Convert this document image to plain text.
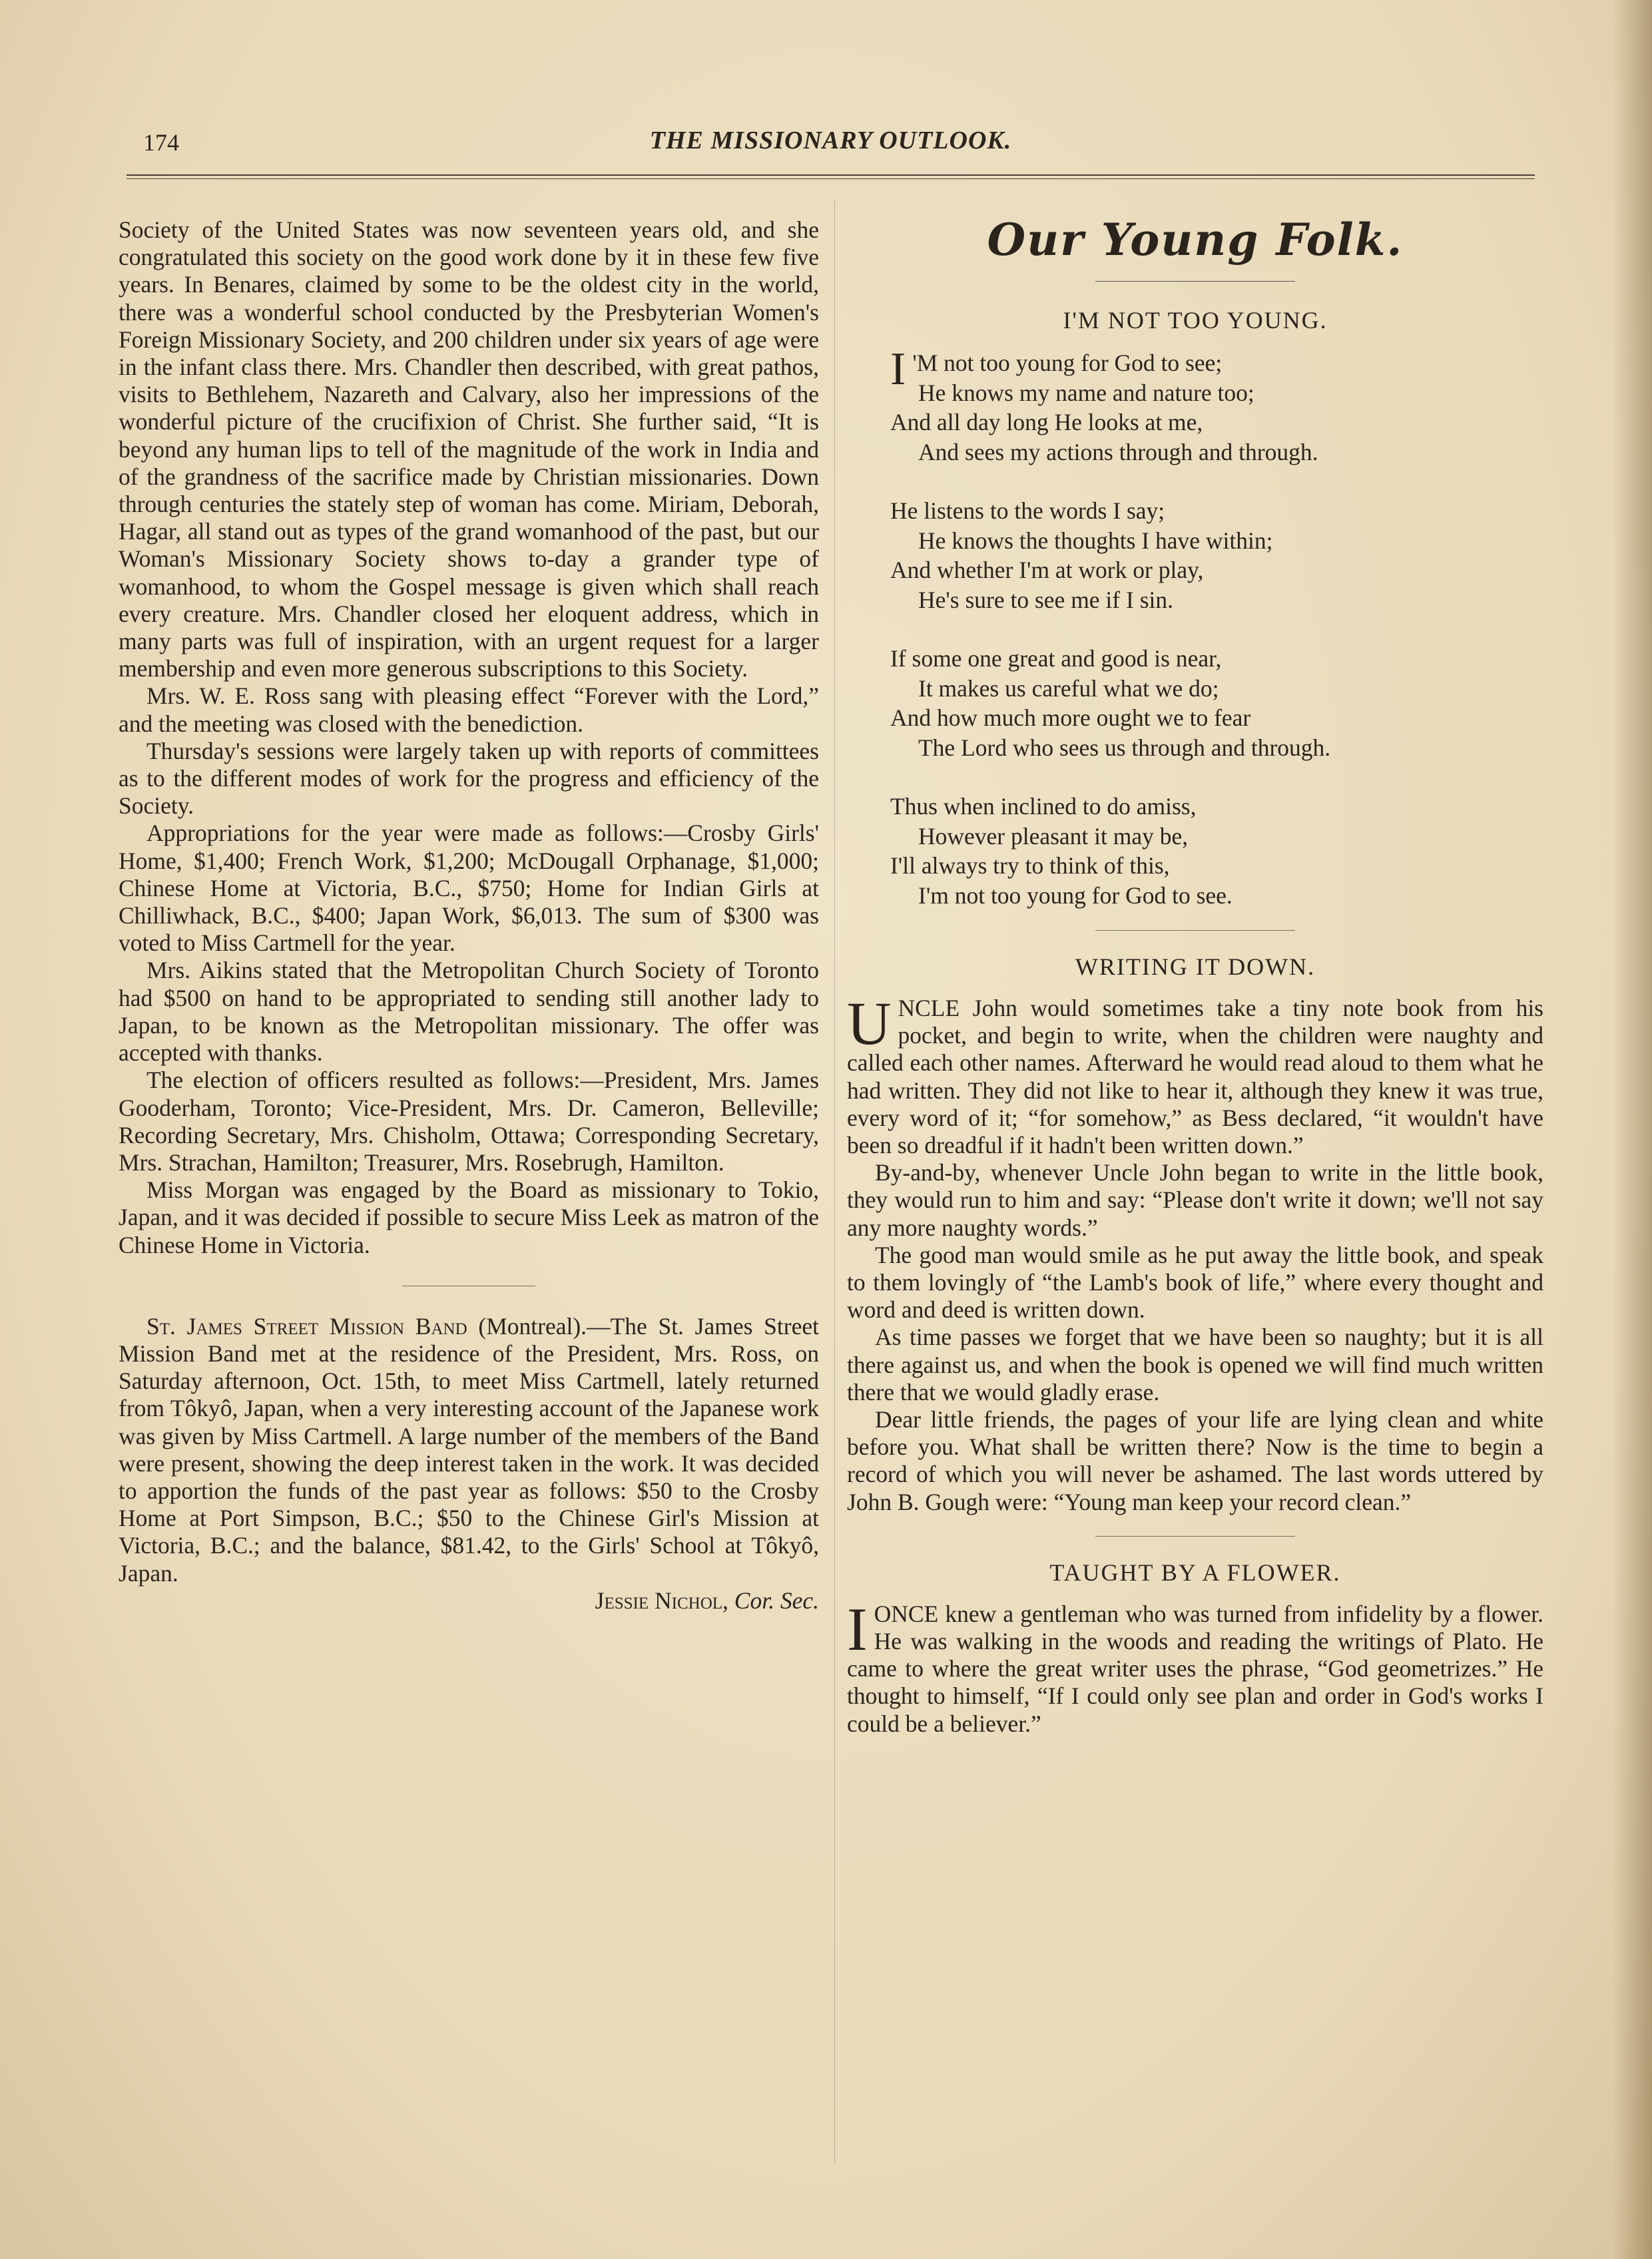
174	THE MISSIONARY OUTLOOK.

Society of the United States was now seventeen years old, and she congratulated this society on the good work done by it in these few five years. In Benares, claimed by some to be the oldest city in the world, there was a wonderful school conducted by the Presbyterian Women's Foreign Missionary Society, and 200 children under six years of age were in the infant class there. Mrs. Chandler then described, with great pathos, visits to Bethlehem, Nazareth and Calvary, also her impressions of the wonderful picture of the crucifixion of Christ. She further said, “It is beyond any human lips to tell of the magnitude of the work in India and of the grandness of the sacrifice made by Christian missionaries. Down through centuries the stately step of woman has come. Miriam, Deborah, Hagar, all stand out as types of the grand womanhood of the past, but our Woman's Missionary Society shows to-day a grander type of womanhood, to whom the Gospel message is given which shall reach every creature. Mrs. Chandler closed her eloquent address, which in many parts was full of inspiration, with an urgent request for a larger membership and even more generous subscriptions to this Society.

Mrs. W. E. Ross sang with pleasing effect “Forever with the Lord,” and the meeting was closed with the benediction.

Thursday's sessions were largely taken up with reports of committees as to the different modes of work for the progress and efficiency of the Society.

Appropriations for the year were made as follows:—Crosby Girls' Home, $1,400; French Work, $1,200; McDougall Orphanage, $1,000; Chinese Home at Victoria, B.C., $750; Home for Indian Girls at Chilliwhack, B.C., $400; Japan Work, $6,013. The sum of $300 was voted to Miss Cartmell for the year.

Mrs. Aikins stated that the Metropolitan Church Society of Toronto had $500 on hand to be appropriated to sending still another lady to Japan, to be known as the Metropolitan missionary. The offer was accepted with thanks.

The election of officers resulted as follows:—President, Mrs. James Gooderham, Toronto; Vice-President, Mrs. Dr. Cameron, Belleville; Recording Secretary, Mrs. Chisholm, Ottawa; Corresponding Secretary, Mrs. Strachan, Hamilton; Treasurer, Mrs. Rosebrugh, Hamilton.

Miss Morgan was engaged by the Board as missionary to Tokio, Japan, and it was decided if possible to secure Miss Leek as matron of the Chinese Home in Victoria.

St. James Street Mission Band (Montreal).—The St. James Street Mission Band met at the residence of the President, Mrs. Ross, on Saturday afternoon, Oct. 15th, to meet Miss Cartmell, lately returned from Tôkyô, Japan, when a very interesting account of the Japanese work was given by Miss Cartmell. A large number of the members of the Band were present, showing the deep interest taken in the work. It was decided to apportion the funds of the past year as follows: $50 to the Crosby Home at Port Simpson, B.C.; $50 to the Chinese Girl's Mission at Victoria, B.C.; and the balance, $81.42, to the Girls' School at Tôkyô, Japan.
Jessie Nichol, Cor. Sec.

Our Young Folk.
I'M NOT TOO YOUNG.
I 'M not too young for God to see;
He knows my name and nature too;
And all day long He looks at me,
And sees my actions through and through.
He listens to the words I say;
He knows the thoughts I have within;
And whether I'm at work or play,
He's sure to see me if I sin.
If some one great and good is near,
It makes us careful what we do;
And how much more ought we to fear
The Lord who sees us through and through.
Thus when inclined to do amiss,
However pleasant it may be,
I'll always try to think of this,
I'm not too young for God to see.
WRITING IT DOWN.

UNCLE John would sometimes take a tiny note book from his pocket, and begin to write, when the children were naughty and called each other names. Afterward he would read aloud to them what he had written. They did not like to hear it, although they knew it was true, every word of it; “for somehow,” as Bess declared, “it wouldn't have been so dreadful if it hadn't been written down.”

By-and-by, whenever Uncle John began to write in the little book, they would run to him and say: “Please don't write it down; we'll not say any more naughty words.”

The good man would smile as he put away the little book, and speak to them lovingly of “the Lamb's book of life,” where every thought and word and deed is written down.

As time passes we forget that we have been so naughty; but it is all there against us, and when the book is opened we will find much written there that we would gladly erase.

Dear little friends, the pages of your life are lying clean and white before you. What shall be written there? Now is the time to begin a record of which you will never be ashamed. The last words uttered by John B. Gough were: “Young man keep your record clean.”

TAUGHT BY A FLOWER.

IONCE knew a gentleman who was turned from infidelity by a flower. He was walking in the woods and reading the writings of Plato. He came to where the great writer uses the phrase, “God geometrizes.” He thought to himself, “If I could only see plan and order in God's works I could be a believer.”
